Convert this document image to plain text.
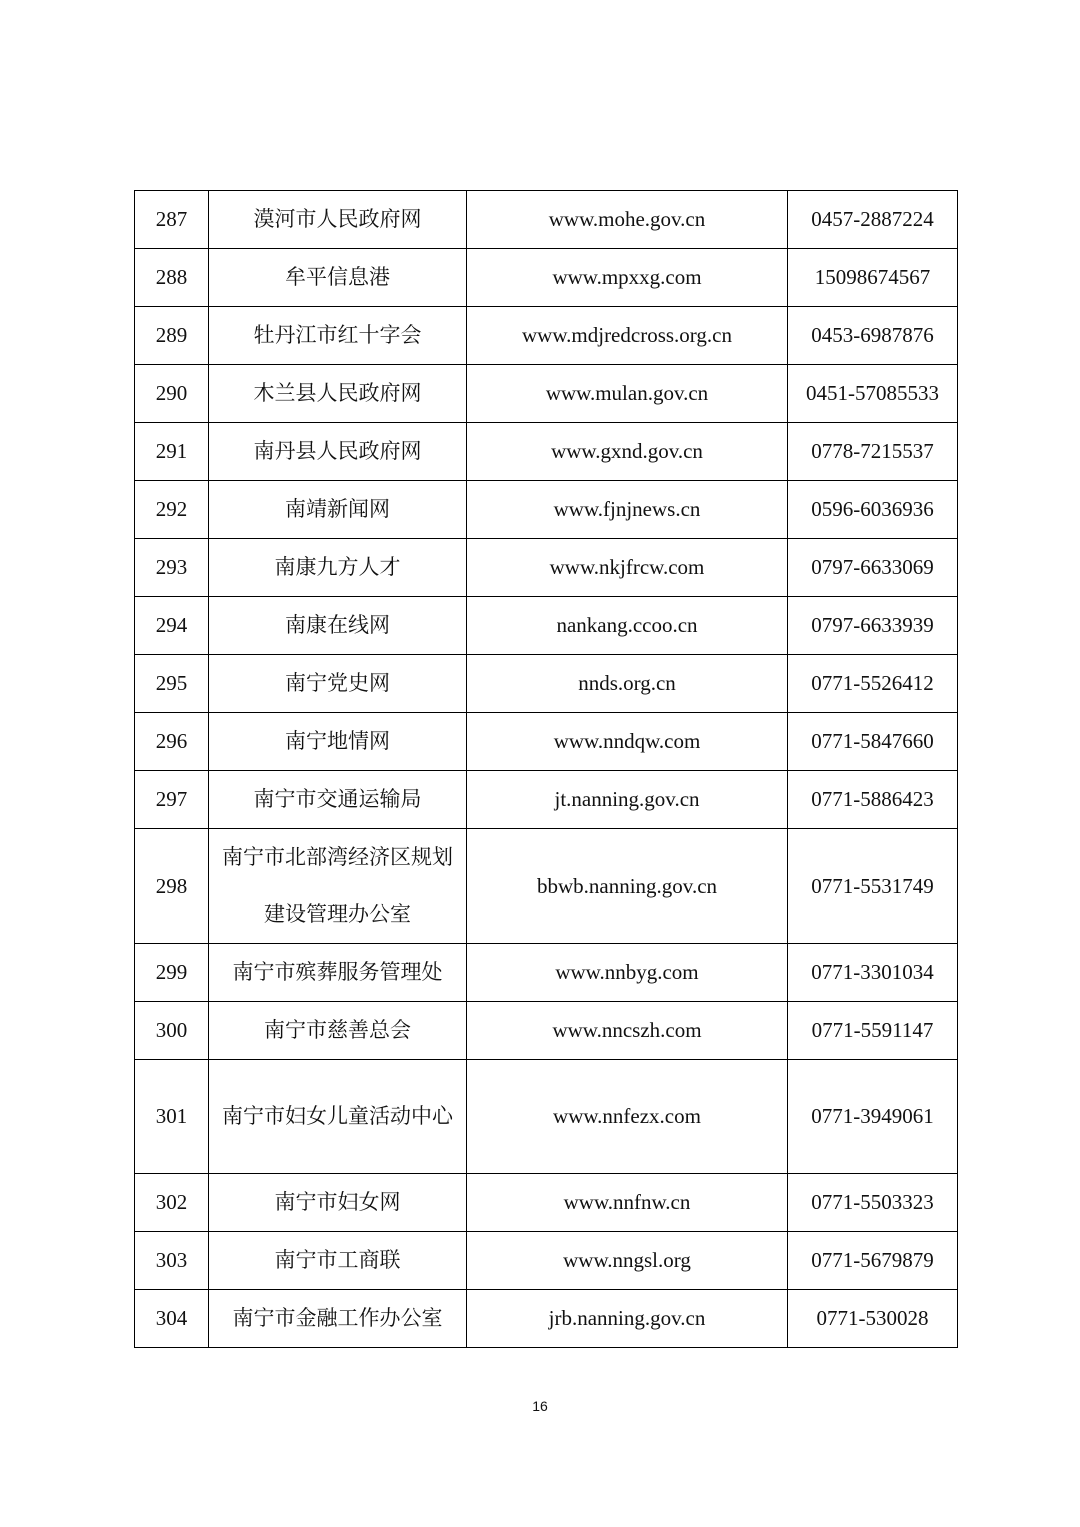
287	漠河市人民政府网	www.mohe.gov.cn	0457-2887224
288	牟平信息港	www.mpxxg.com	15098674567
289	牡丹江市红十字会	www.mdjredcross.org.cn	0453-6987876
290	木兰县人民政府网	www.mulan.gov.cn	0451-57085533
291	南丹县人民政府网	www.gxnd.gov.cn	0778-7215537
292	南靖新闻网	www.fjnjnews.cn	0596-6036936
293	南康九方人才	www.nkjfrcw.com	0797-6633069
294	南康在线网	nankang.ccoo.cn	0797-6633939
295	南宁党史网	nnds.org.cn	0771-5526412
296	南宁地情网	www.nndqw.com	0771-5847660
297	南宁市交通运输局	jt.nanning.gov.cn	0771-5886423
298	南宁市北部湾经济区规划建设管理办公室	bbwb.nanning.gov.cn	0771-5531749
299	南宁市殡葬服务管理处	www.nnbyg.com	0771-3301034
300	南宁市慈善总会	www.nncszh.com	0771-5591147
301	南宁市妇女儿童活动中心	www.nnfezx.com	0771-3949061
302	南宁市妇女网	www.nnfnw.cn	0771-5503323
303	南宁市工商联	www.nngsl.org	0771-5679879
304	南宁市金融工作办公室	jrb.nanning.gov.cn	0771-530028
16
